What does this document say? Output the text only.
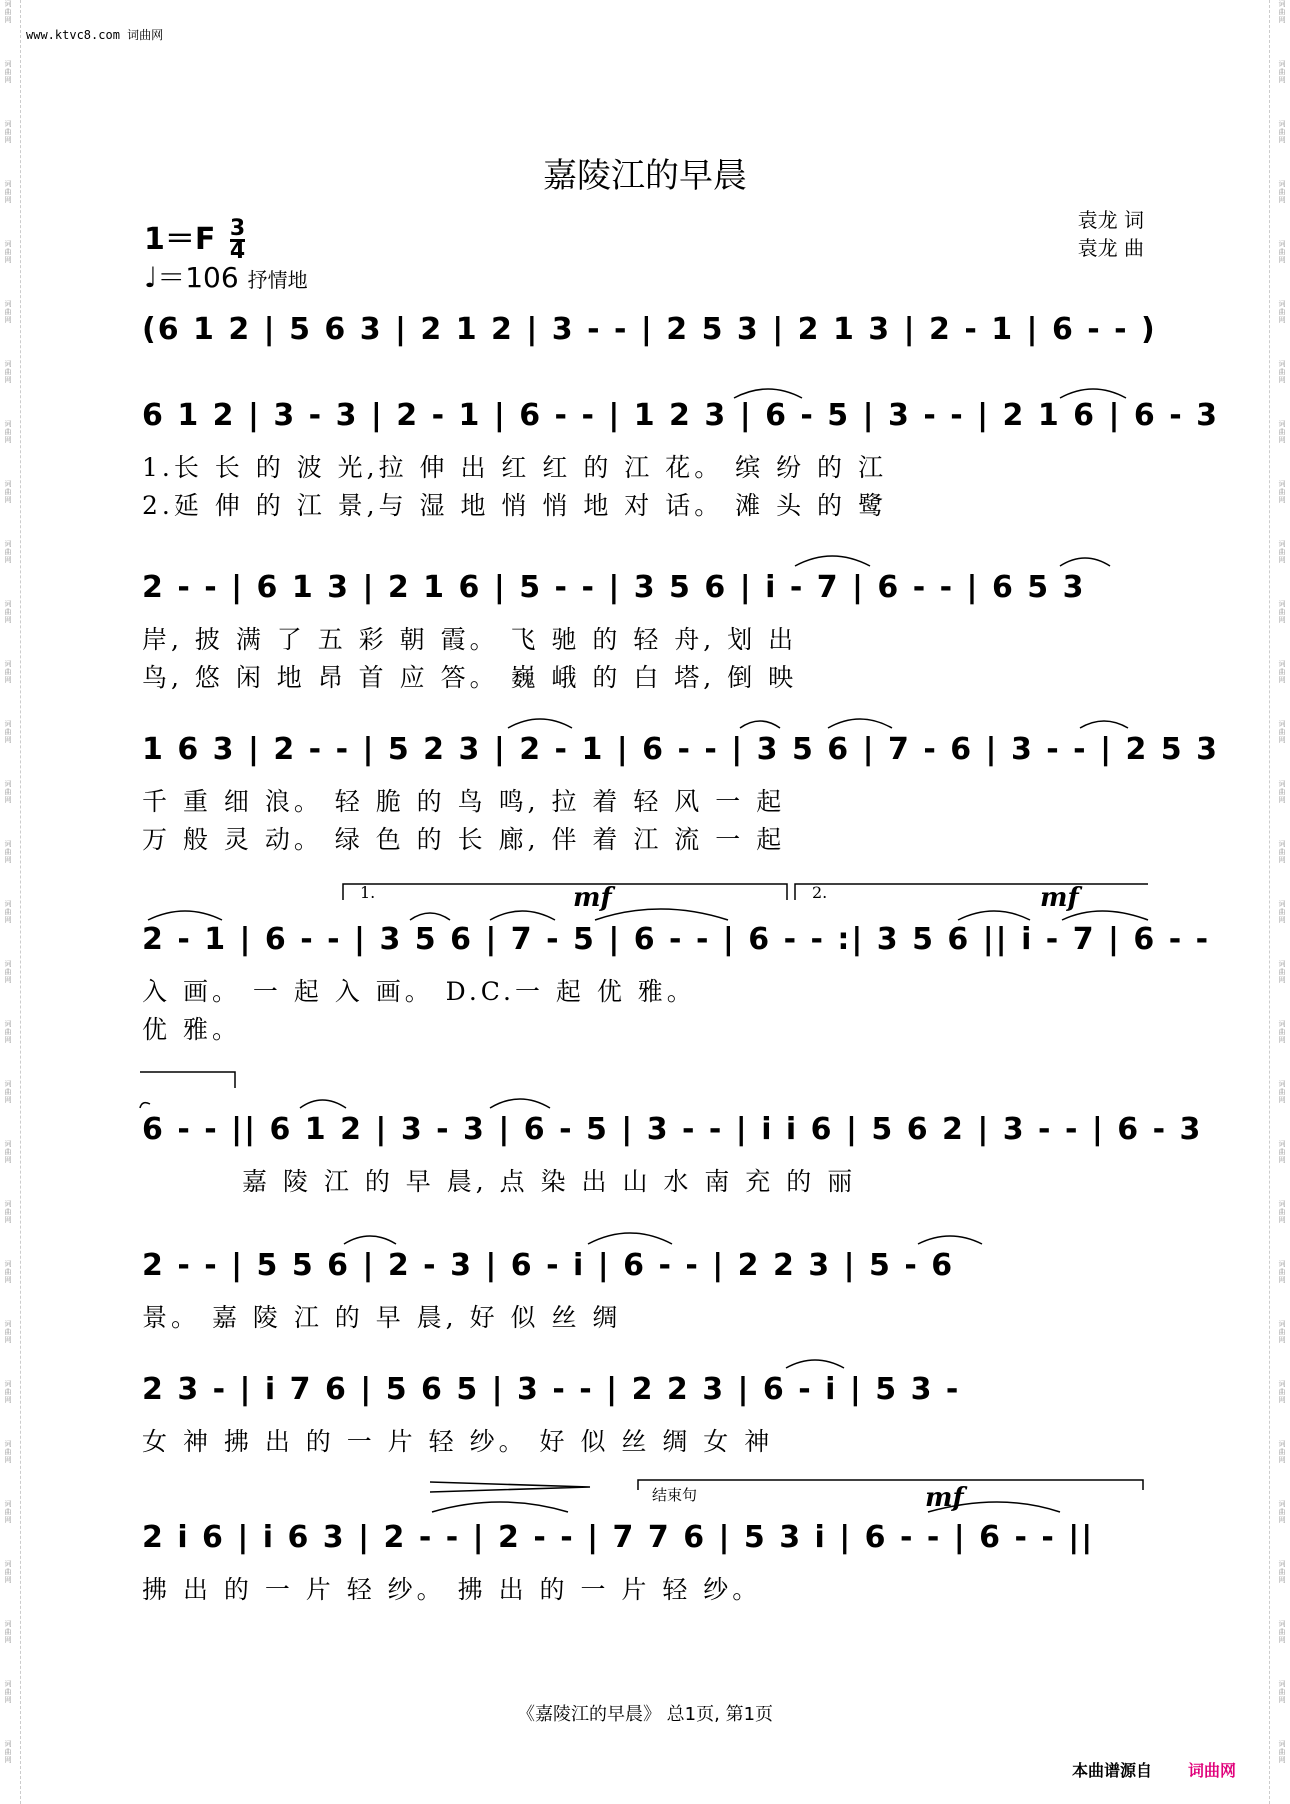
词
曲
网
词
曲
网
词
曲
网
词
曲
网
词
曲
网
词
曲
网
词
曲
网
词
曲
网
词
曲
网
词
曲
网
词
曲
网
词
曲
网
词
曲
网
词
曲
网
词
曲
网
词
曲
网
词
曲
网
词
曲
网
词
曲
网
词
曲
网
词
曲
网
词
曲
网
词
曲
网
词
曲
网
词
曲
网
词
曲
网
词
曲
网
词
曲
网
词
曲
网
词
曲
网
词
曲
网
词
曲
网
词
曲
网
词
曲
网
词
曲
网
词
曲
网
词
曲
网
词
曲
网
词
曲
网
词
曲
网
词
曲
网
词
曲
网
词
曲
网
词
曲
网
词
曲
网
词
曲
网
词
曲
网
词
曲
网
词
曲
网
词
曲
网
词
曲
网
词
曲
网
词
曲
网
词
曲
网
词
曲
网
词
曲
网
词
曲
网
词
曲
网
词
曲
网
词
曲
网
www.ktvc8.com 词曲网
嘉陵江的早晨
袁龙 词
袁龙 曲
$1=F \frac{3}{4}$
♩＝106 抒情地
(6 1 2 | 5 6 3 | 2 1 2 | 3 - - | 2 5 3 | 2 1 3 | 2 - 1 | 6 - - )
6 1 2 | 3 - 3 | 2 - 1 | 6 - - | 1 2 3 | 6 - 5 | 3 - - | 2 1 6 | 6 - 3
1.长 长 的 波 光,拉 伸 出 红 红 的 江 花。 缤 纷 的 江
2.延 伸 的 江 景,与 湿 地 悄 悄 地 对 话。 滩 头 的 鹭
2 - - | 6 1 3 | 2 1 6 | 5 - - | 3 5 6 | i - 7 | 6 - - | 6 5 3
岸, 披 满 了 五 彩 朝 霞。 飞 驰 的 轻 舟, 划 出
鸟, 悠 闲 地 昂 首 应 答。 巍 峨 的 白 塔, 倒 映
1 6 3 | 2 - - | 5 2 3 | 2 - 1 | 6 - - | 3 5 6 | 7 - 6 | 3 - - | 2 5 3
千 重 细 浪。 轻 脆 的 鸟 鸣, 拉 着 轻 风 一 起
万 般 灵 动。 绿 色 的 长 廊, 伴 着 江 流 一 起
2 - 1 | 6 - - | 3 5 6 | 7 - 5 | 6 - - | 6 - - :| 3 5 6 || i - 7 | 6 - -
入 画。 一 起 入 画。 D.C.一 起 优 雅。
优 雅。
6 - - || 6 1 2 | 3 - 3 | 6 - 5 | 3 - - | i i 6 | 5 6 2 | 3 - - | 6 - 3
嘉 陵 江 的 早 晨, 点 染 出 山 水 南 充 的 丽
2 - - | 5 5 6 | 2 - 3 | 6 - i | 6 - - | 2 2 3 | 5 - 6
景。 嘉 陵 江 的 早 晨, 好 似 丝 绸
2 3 - | i 7 6 | 5 6 5 | 3 - - | 2 2 3 | 6 - i | 5 3 -
女 神 拂 出 的 一 片 轻 纱。 好 似 丝 绸 女 神
2 i 6 | i 6 3 | 2 - - | 2 - - | 7 7 6 | 5 3 i | 6 - - | 6 - - ||
拂 出 的 一 片 轻 纱。 拂 出 的 一 片 轻 纱。
1.	2.
结束句
mf	mf
mf
《嘉陵江的早晨》 总1页, 第1页
本曲谱源自 词曲网
